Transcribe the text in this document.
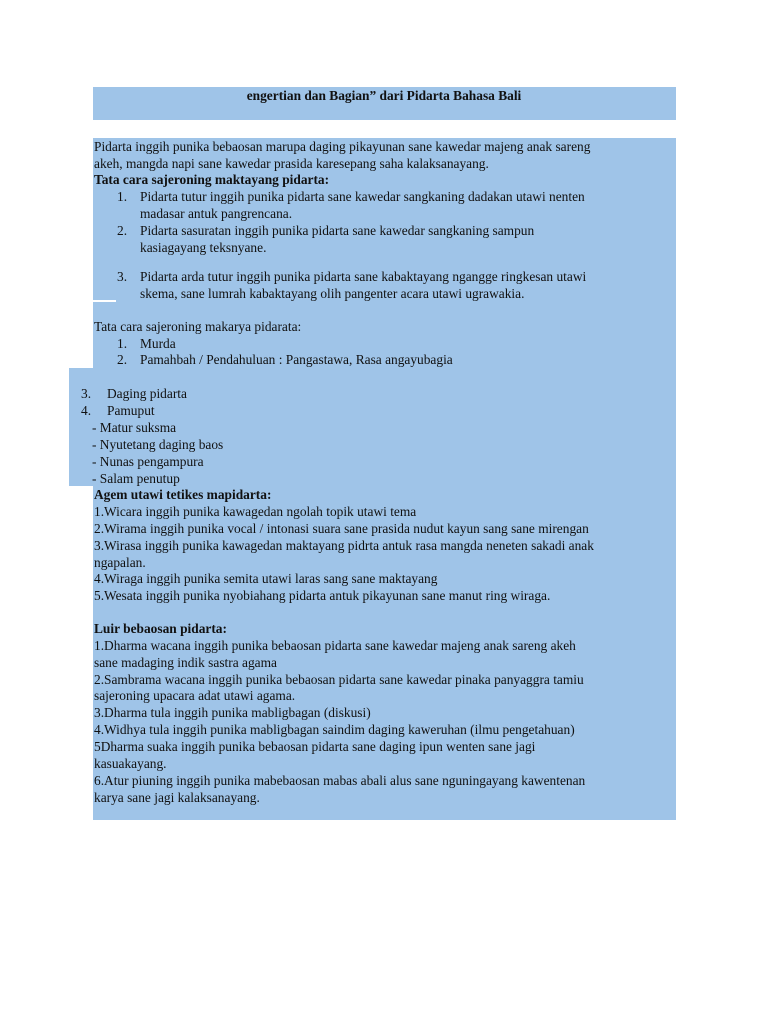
engertian dan Bagian” dari Pidarta Bahasa Bali
Pidarta inggih punika bebaosan marupa daging pikayunan sane kawedar majeng anak sareng
akeh, mangda napi sane kawedar prasida karesepang saha kalaksanayang.
Tata cara sajeroning maktayang pidarta:
1. Pidarta tutur inggih punika pidarta sane kawedar sangkaning dadakan utawi nenten
madasar antuk pangrencana.
2. Pidarta sasuratan inggih punika pidarta sane kawedar sangkaning sampun
kasiagayang teksnyane.
3. Pidarta arda tutur inggih punika pidarta sane kabaktayang ngangge ringkesan utawi
skema, sane lumrah kabaktayang olih pangenter acara utawi ugrawakia.
Tata cara sajeroning makarya pidarata:
1. Murda
2. Pamahbah / Pendahuluan : Pangastawa, Rasa angayubagia
3. Daging pidarta
4. Pamuput
- Matur suksma
- Nyutetang daging baos
- Nunas pengampura
- Salam penutup
Agem utawi tetikes mapidarta:
1.Wicara inggih punika kawagedan ngolah topik utawi tema
2.Wirama inggih punika vocal / intonasi suara sane prasida nudut kayun sang sane mirengan
3.Wirasa inggih punika kawagedan maktayang pidrta antuk rasa mangda neneten sakadi anak
ngapalan.
4.Wiraga inggih punika semita utawi laras sang sane maktayang
5.Wesata inggih punika nyobiahang pidarta antuk pikayunan sane manut ring wiraga.
Luir bebaosan pidarta:
1.Dharma wacana inggih punika bebaosan pidarta sane kawedar majeng anak sareng akeh
sane madaging indik sastra agama
2.Sambrama wacana inggih punika bebaosan pidarta sane kawedar pinaka panyaggra tamiu
sajeroning upacara adat utawi agama.
3.Dharma tula inggih punika mabligbagan (diskusi)
4.Widhya tula inggih punika mabligbagan saindim daging kaweruhan (ilmu pengetahuan)
5Dharma suaka inggih punika bebaosan pidarta sane daging ipun wenten sane jagi
kasuakayang.
6.Atur piuning inggih punika mabebaosan mabas abali alus sane nguningayang kawentenan
karya sane jagi kalaksanayang.
